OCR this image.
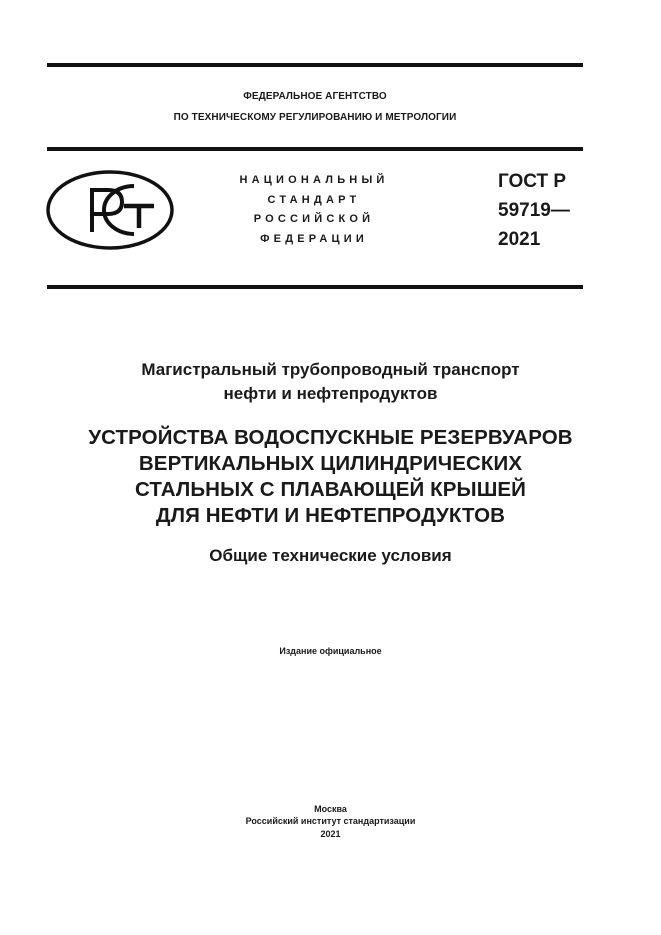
ФЕДЕРАЛЬНОЕ АГЕНТСТВО
ПО ТЕХНИЧЕСКОМУ РЕГУЛИРОВАНИЮ И МЕТРОЛОГИИ
НАЦИОНАЛЬНЫЙ
СТАНДАРТ
РОССИЙСКОЙ
ФЕДЕРАЦИИ
ГОСТ Р
59719—
2021
Магистральный трубопроводный транспорт
нефти и нефтепродуктов
УСТРОЙСТВА ВОДОСПУСКНЫЕ РЕЗЕРВУАРОВ
ВЕРТИКАЛЬНЫХ ЦИЛИНДРИЧЕСКИХ
СТАЛЬНЫХ С ПЛАВАЮЩЕЙ КРЫШЕЙ
ДЛЯ НЕФТИ И НЕФТЕПРОДУКТОВ
Общие технические условия
Издание официальное
Москва
Российский институт стандартизации
2021
